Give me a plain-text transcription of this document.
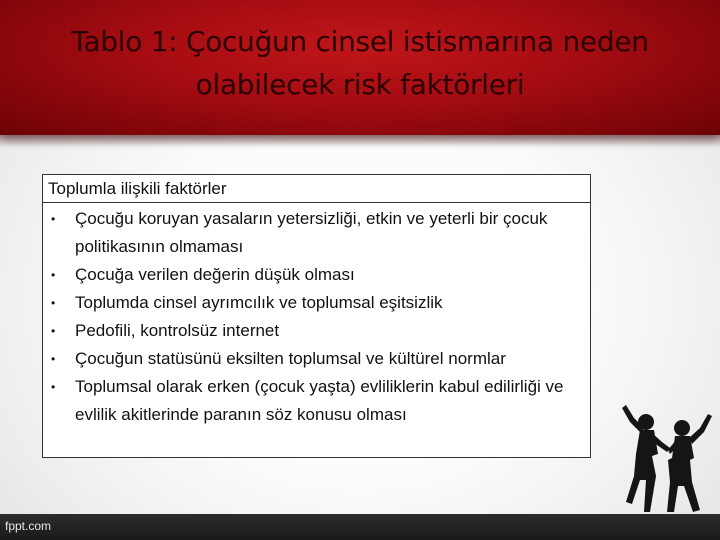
Tablo 1: Çocuğun cinsel istismarına neden
olabilecek risk faktörleri
Toplumla ilişkili faktörler
• Çocuğu koruyan yasaların yetersizliği, etkin ve yeterli bir çocuk politikasının olmaması
• Çocuğa verilen değerin düşük olması
• Toplumda cinsel ayrımcılık ve toplumsal eşitsizlik
• Pedofili, kontrolsüz internet
• Çocuğun statüsünü eksilten toplumsal ve kültürel normlar
• Toplumsal olarak erken (çocuk yaşta) evliliklerin kabul edilirliği ve evlilik akitlerinde paranın söz konusu olması
fppt.com
